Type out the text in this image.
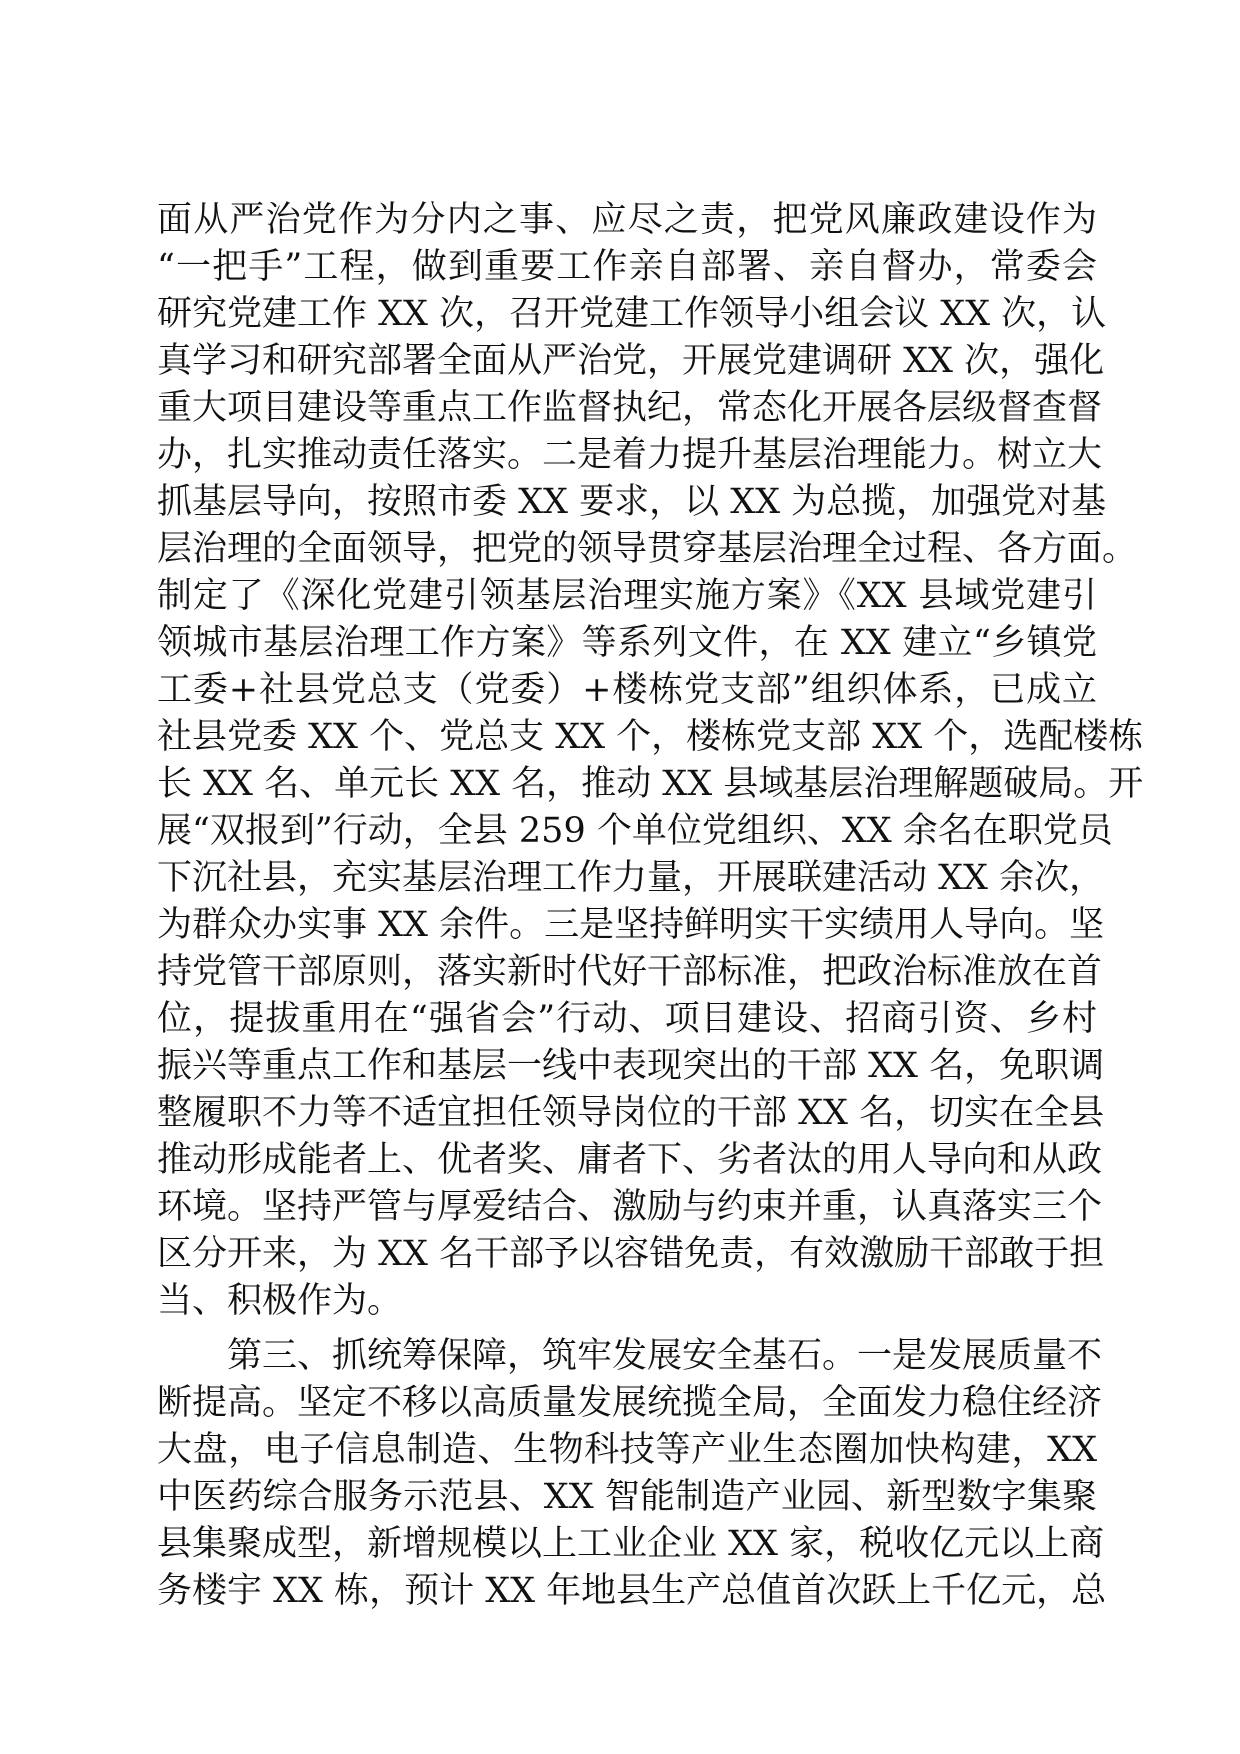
面从严治党作为分内之事、应尽之责，把党风廉政建设作为
“一把手”工程，做到重要工作亲自部署、亲自督办，常委会
研究党建工作 XX 次，召开党建工作领导小组会议 XX 次，认
真学习和研究部署全面从严治党，开展党建调研 XX 次，强化
重大项目建设等重点工作监督执纪，常态化开展各层级督查督
办，扎实推动责任落实。二是着力提升基层治理能力。树立大
抓基层导向，按照市委 XX 要求，以 XX 为总揽，加强党对基
层治理的全面领导，把党的领导贯穿基层治理全过程、各方面。
制定了《深化党建引领基层治理实施方案》《XX 县域党建引
领城市基层治理工作方案》等系列文件，在 XX 建立“乡镇党
工委+社县党总支（党委）+楼栋党支部”组织体系，已成立
社县党委 XX 个、党总支 XX 个，楼栋党支部 XX 个，选配楼栋
长 XX 名、单元长 XX 名，推动 XX 县域基层治理解题破局。开
展“双报到”行动，全县 259 个单位党组织、XX 余名在职党员
下沉社县，充实基层治理工作力量，开展联建活动 XX 余次，
为群众办实事 XX 余件。三是坚持鲜明实干实绩用人导向。坚
持党管干部原则，落实新时代好干部标准，把政治标准放在首
位，提拔重用在“强省会”行动、项目建设、招商引资、乡村
振兴等重点工作和基层一线中表现突出的干部 XX 名，免职调
整履职不力等不适宜担任领导岗位的干部 XX 名，切实在全县
推动形成能者上、优者奖、庸者下、劣者汰的用人导向和从政
环境。坚持严管与厚爱结合、激励与约束并重，认真落实三个
区分开来，为 XX 名干部予以容错免责，有效激励干部敢于担
当、积极作为。
第三、抓统筹保障，筑牢发展安全基石。一是发展质量不
断提高。坚定不移以高质量发展统揽全局，全面发力稳住经济
大盘，电子信息制造、生物科技等产业生态圈加快构建，XX
中医药综合服务示范县、XX 智能制造产业园、新型数字集聚
县集聚成型，新增规模以上工业企业 XX 家，税收亿元以上商
务楼宇 XX 栋，预计 XX 年地县生产总值首次跃上千亿元，总
